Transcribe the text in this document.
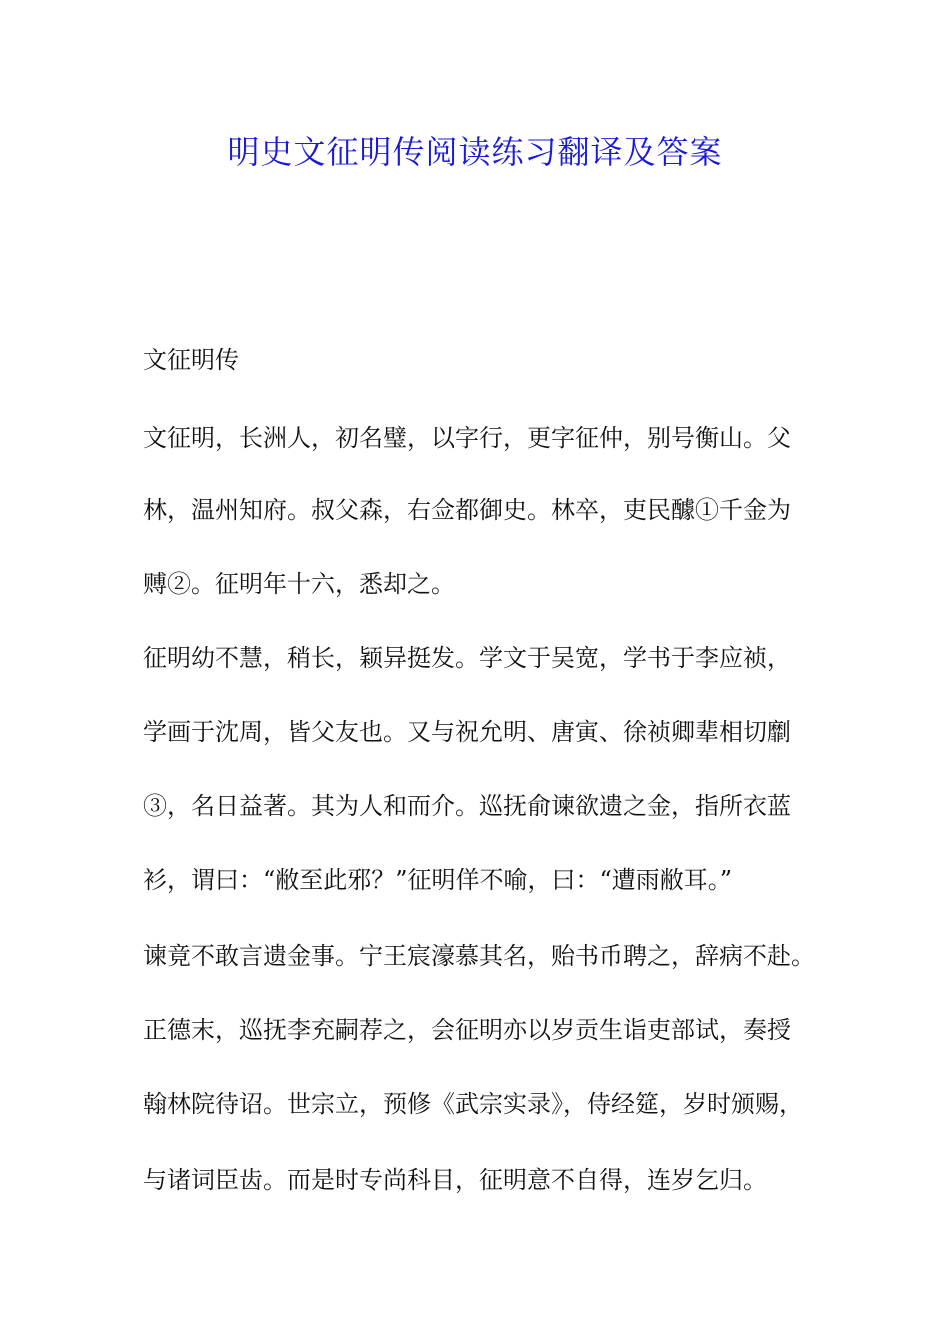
明史文征明传阅读练习翻译及答案

文征明传

文征明，长洲人，初名璧，以字行，更字征仲，别号衡山。父
林，温州知府。叔父森，右佥都御史。林卒，吏民醵①千金为
赙②。征明年十六，悉却之。
征明幼不慧，稍长，颖异挺发。学文于吴宽，学书于李应祯，
学画于沈周，皆父友也。又与祝允明、唐寅、徐祯卿辈相切劘
③，名日益著。其为人和而介。巡抚俞谏欲遗之金，指所衣蓝
衫，谓曰：“敝至此邪？”征明佯不喻，曰：“遭雨敝耳。”
谏竟不敢言遗金事。宁王宸濠慕其名，贻书币聘之，辞病不赴。
正德末，巡抚李充嗣荐之，会征明亦以岁贡生诣吏部试，奏授
翰林院待诏。世宗立，预修《武宗实录》，侍经筵，岁时颁赐，
与诸词臣齿。而是时专尚科目，征明意不自得，连岁乞归。
